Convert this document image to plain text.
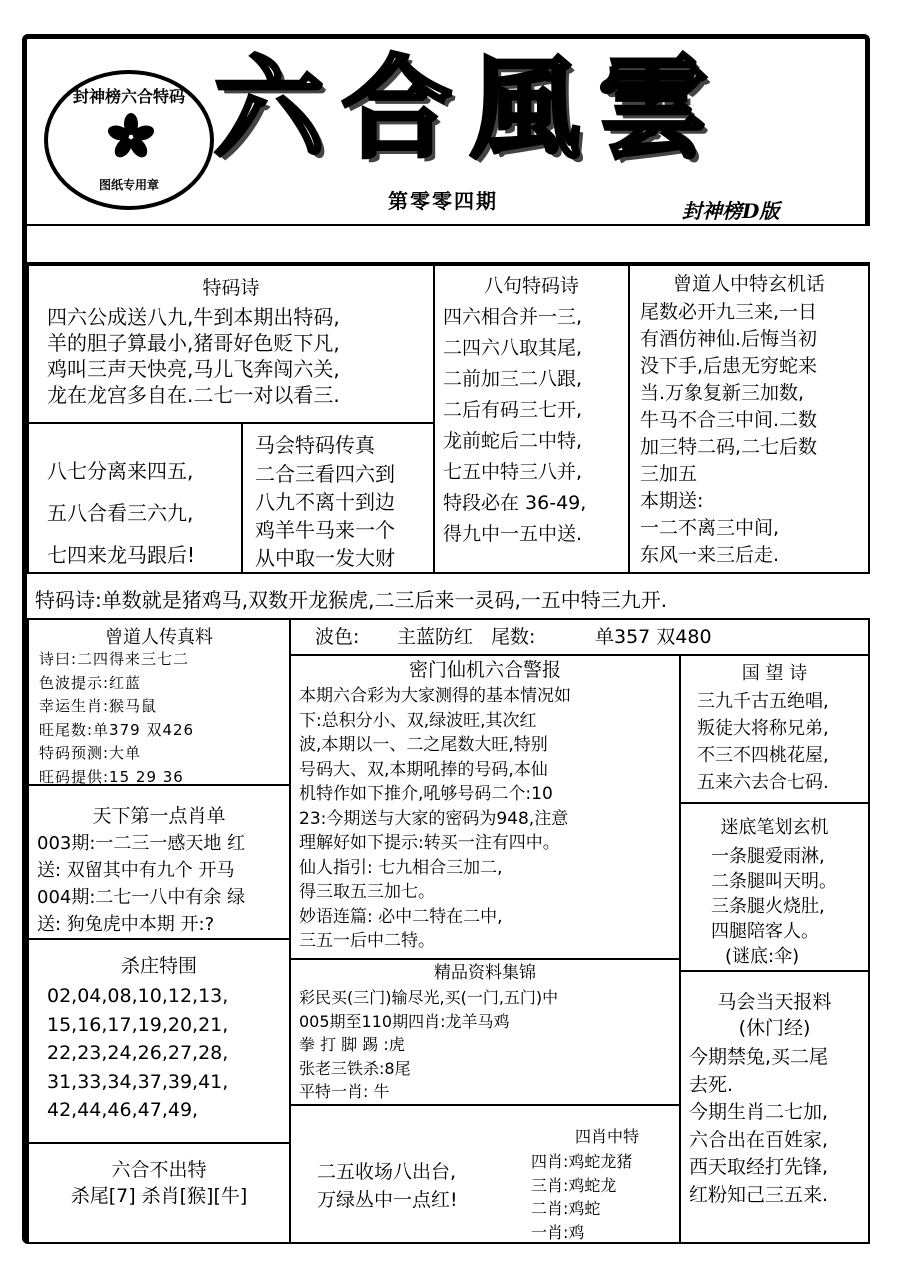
封神榜六合特码
图纸专用章
六合風雲
第零零四期	封神榜D版
特码诗
四六公成送八九,牛到本期出特码,
羊的胆子算最小,猪哥好色贬下凡,
鸡叫三声天快亮,马儿飞奔闯六关,
龙在龙宫多自在.二七一对以看三.
八句特码诗
四六相合并一三,
二四六八取其尾,
二前加三二八跟,
二后有码三七开,
龙前蛇后二中特,
七五中特三八并,
特段必在 36-49,
得九中一五中送.
曾道人中特玄机话
尾数必开九三来,一日
有酒仿神仙.后悔当初
没下手,后患无穷蛇来
当.万象复新三加数,
牛马不合三中间.二数
加三特二码,二七后数
三加五
本期送:
一二不离三中间,
东风一来三后走.
八七分离来四五,
五八合看三六九,
七四来龙马跟后!
马会特码传真
二合三看四六到
八九不离十到边
鸡羊牛马来一个
从中取一发大财
特码诗:单数就是猪鸡马,双数开龙猴虎,二三后来一灵码,一五中特三九开.
曾道人传真料
诗曰:二四得来三七二
色波提示:红蓝
幸运生肖:猴马鼠
旺尾数:单379 双426
特码预测:大单
旺码提供:15 29 36
天下第一点肖单
003期:一二三一感天地 红
送: 双留其中有九个 开马
004期:二七一八中有余 绿
送: 狗兔虎中本期 开:?
杀庄特围
02,04,08,10,12,13,
15,16,17,19,20,21,
22,23,24,26,27,28,
31,33,34,37,39,41,
42,44,46,47,49,
六合不出特
杀尾[7] 杀肖[猴][牛]
波色: 主蓝防红 尾数:	单357 双480
密门仙机六合警报
本期六合彩为大家测得的基本情况如
下:总积分小、双,绿波旺,其次红
波,本期以一、二之尾数大旺,特别
号码大、双,本期吼捧的号码,本仙
机特作如下推介,吼够号码二个:10
23:今期送与大家的密码为948,注意
理解好如下提示:转买一注有四中。
仙人指引: 七九相合三加二,
得三取五三加七。
妙语连篇: 必中二特在二中,
三五一后中二特。
精品资料集锦
彩民买(三门)输尽光,买(一门,五门)中
005期至110期四肖:龙羊马鸡
拳 打 脚 踢 :虎
张老三铁杀:8尾
平特一肖: 牛
二五收场八出台,
万绿丛中一点红!
四肖中特
四肖:鸡蛇龙猪
三肖:鸡蛇龙
二肖:鸡蛇
一肖:鸡
国 望 诗
三九千古五绝唱,
叛徒大将称兄弟,
不三不四桃花屋,
五来六去合七码.
迷底笔划玄机
一条腿爱雨淋,
二条腿叫天明。
三条腿火烧肚,
四腿陪客人。
(谜底:伞)
马会当天报料
(休门经)
今期禁兔,买二尾
去死.
今期生肖二七加,
六合出在百姓家,
西天取经打先锋,
红粉知己三五来.
